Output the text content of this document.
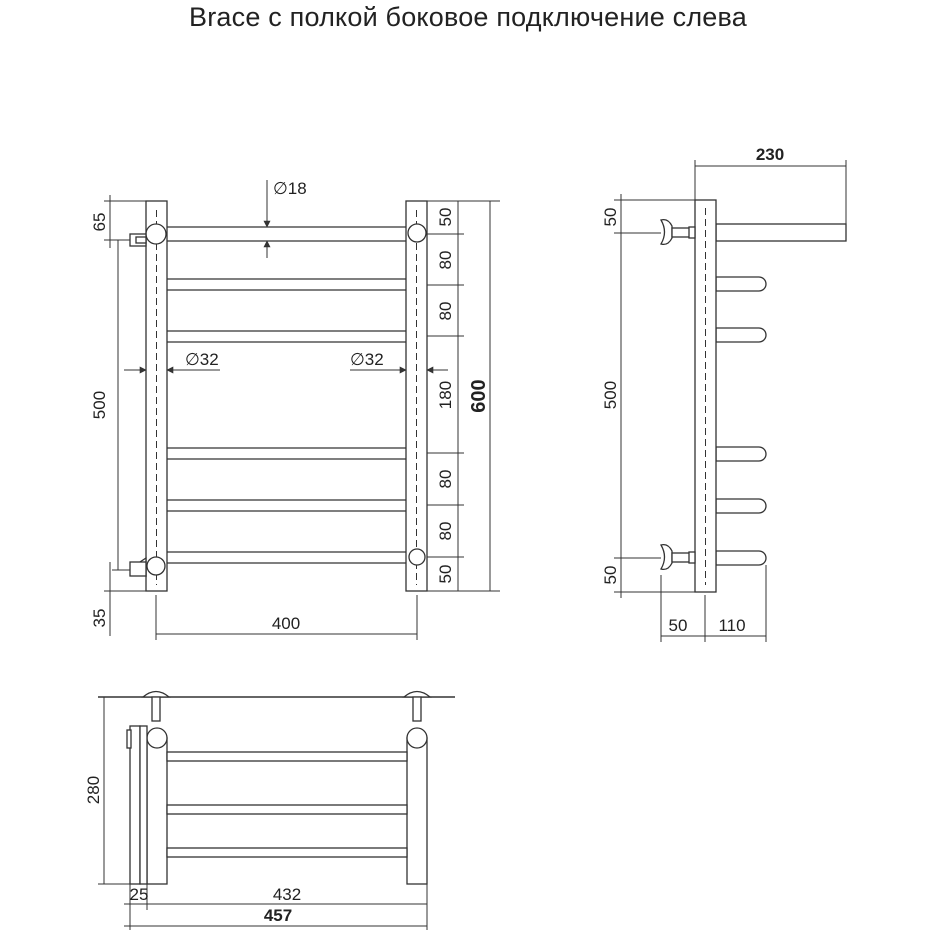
Brace с полкой боковое подключение слева
65
500
35
∅18
∅32	∅32
400
50
80
80
180
80
80
50
600
230
50
500
50
50 110
280
25	432
457
